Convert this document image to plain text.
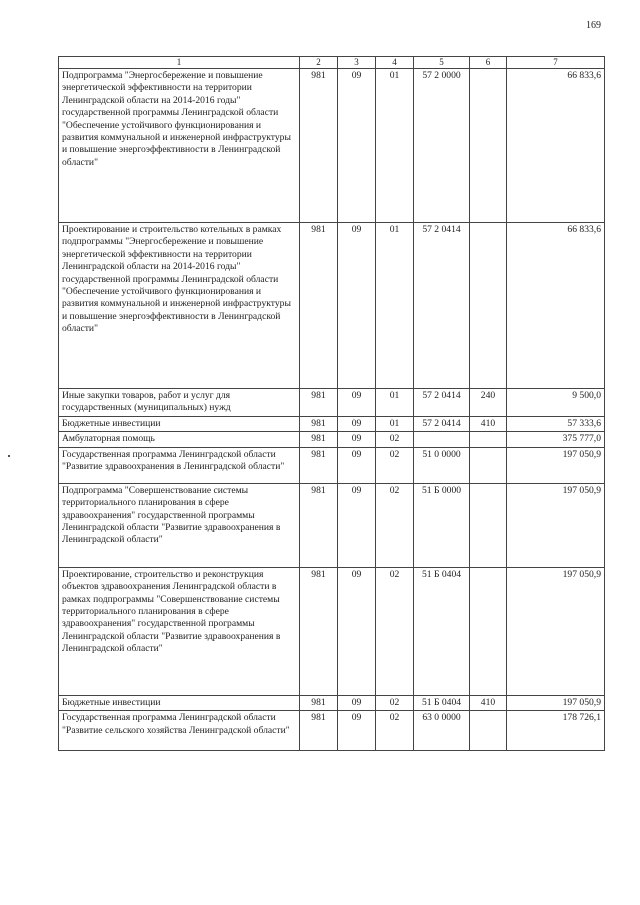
169
1	2	3	4	5	6	7
Подпрограмма "Энергосбережение и повышение энергетической эффективности на территории Ленинградской области на 2014-2016 годы" государственной программы Ленинградской области "Обеспечение устойчивого функционирования и развития коммунальной и инженерной инфраструктуры и повышение энергоэффективности в Ленинградской области"	981	09	01	57 2 0000		66 833,6
Проектирование и строительство котельных в рамках подпрограммы "Энергосбережение и повышение энергетической эффективности на территории Ленинградской области на 2014-2016 годы" государственной программы Ленинградской области "Обеспечение устойчивого функционирования и развития коммунальной и инженерной инфраструктуры и повышение энергоэффективности в Ленинградской области"	981	09	01	57 2 0414		66 833,6
Иные закупки товаров, работ и услуг для государственных (муниципальных) нужд	981	09	01	57 2 0414	240	9 500,0
Бюджетные инвестиции	981	09	01	57 2 0414	410	57 333,6
Амбулаторная помощь	981	09	02			375 777,0
Государственная программа Ленинградской области "Развитие здравоохранения в Ленинградской области"	981	09	02	51 0 0000		197 050,9
Подпрограмма "Совершенствование системы территориального планирования в сфере здравоохранения" государственной программы Ленинградской области "Развитие здравоохранения в Ленинградской области"	981	09	02	51 Б 0000		197 050,9
Проектирование, строительство и реконструкция объектов здравоохранения Ленинградской области в рамках подпрограммы "Совершенствование системы территориального планирования в сфере здравоохранения" государственной программы Ленинградской области "Развитие здравоохранения в Ленинградской области"	981	09	02	51 Б 0404		197 050,9
Бюджетные инвестиции	981	09	02	51 Б 0404	410	197 050,9
Государственная программа Ленинградской области "Развитие сельского хозяйства Ленинградской области"	981	09	02	63 0 0000		178 726,1
